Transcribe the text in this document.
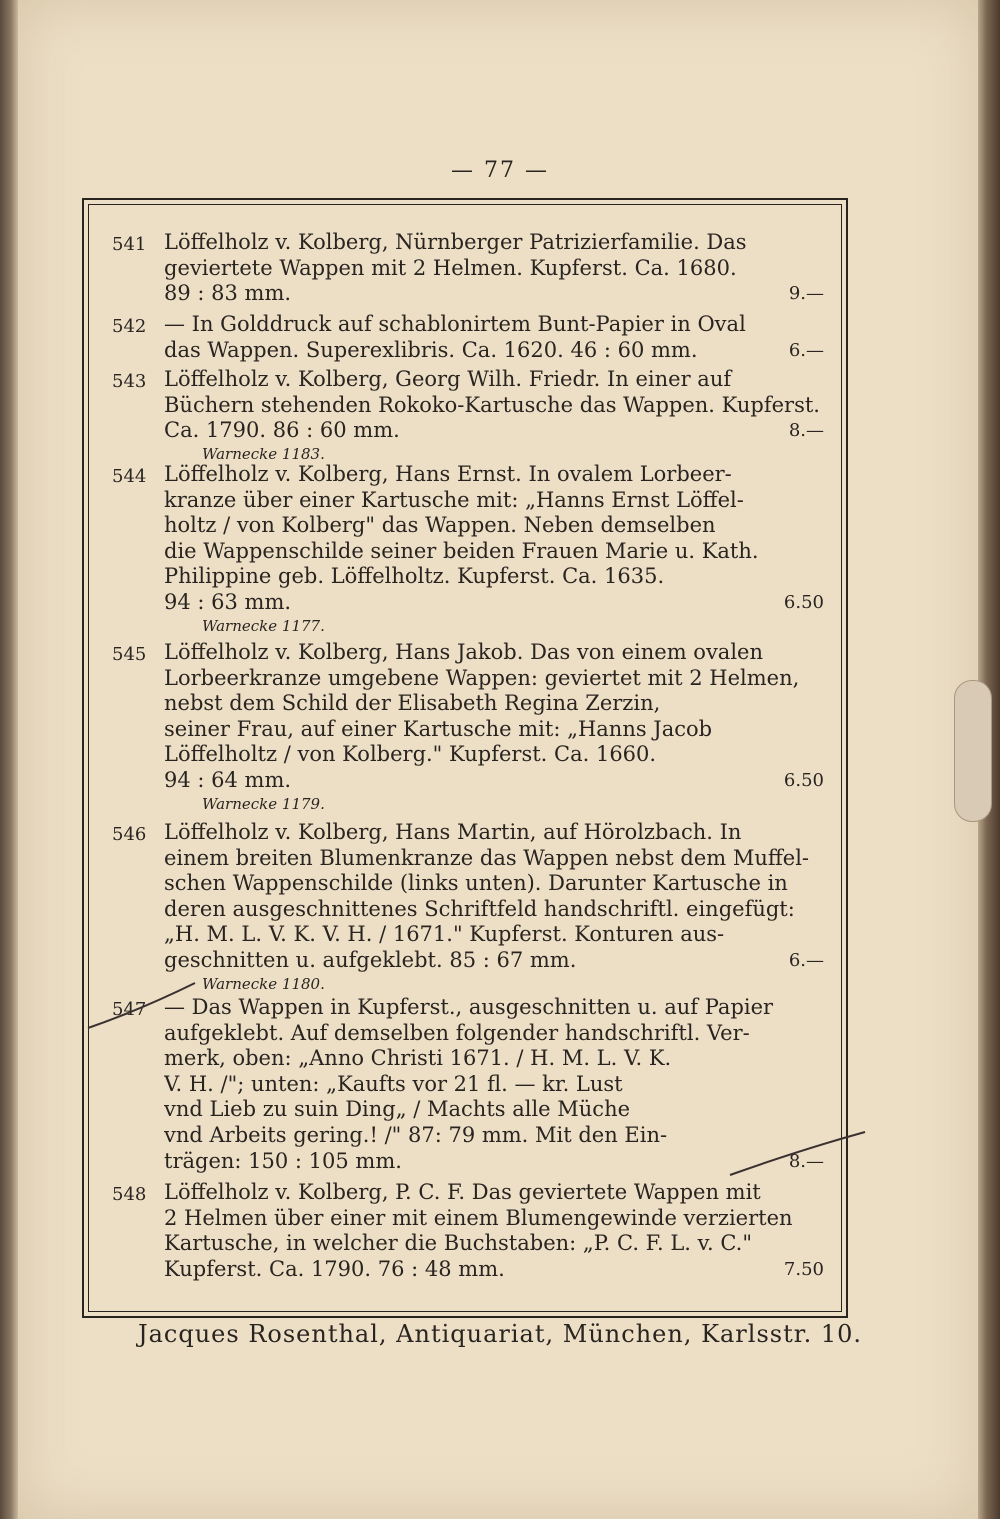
— 77 —
541 Löffelholz v. Kolberg, Nürnberger Patrizierfamilie. Das
geviertete Wappen mit 2 Helmen. Kupferst. Ca. 1680.
89 : 83 mm.	9.—
542 — In Golddruck auf schablonirtem Bunt-Papier in Oval
das Wappen. Superexlibris. Ca. 1620. 46 : 60 mm.	6.—
543 Löffelholz v. Kolberg, Georg Wilh. Friedr. In einer auf
Büchern stehenden Rokoko-Kartusche das Wappen. Kupferst.
Ca. 1790. 86 : 60 mm.	8.—
Warnecke 1183.
544 Löffelholz v. Kolberg, Hans Ernst. In ovalem Lorbeer-
kranze über einer Kartusche mit: „Hanns Ernst Löffel-
holtz / von Kolberg" das Wappen. Neben demselben
die Wappenschilde seiner beiden Frauen Marie u. Kath.
Philippine geb. Löffelholtz. Kupferst. Ca. 1635.
94 : 63 mm.	6.50
Warnecke 1177.
545 Löffelholz v. Kolberg, Hans Jakob. Das von einem ovalen
Lorbeerkranze umgebene Wappen: geviertet mit 2 Helmen,
nebst dem Schild der Elisabeth Regina Zerzin,
seiner Frau, auf einer Kartusche mit: „Hanns Jacob
Löffelholtz / von Kolberg." Kupferst. Ca. 1660.
94 : 64 mm.	6.50
Warnecke 1179.
546 Löffelholz v. Kolberg, Hans Martin, auf Hörolzbach. In
einem breiten Blumenkranze das Wappen nebst dem Muffel-
schen Wappenschilde (links unten). Darunter Kartusche in
deren ausgeschnittenes Schriftfeld handschriftl. eingefügt:
„H. M. L. V. K. V. H. / 1671." Kupferst. Konturen aus-
geschnitten u. aufgeklebt. 85 : 67 mm.	6.—
Warnecke 1180.
547 — Das Wappen in Kupferst., ausgeschnitten u. auf Papier
aufgeklebt. Auf demselben folgender handschriftl. Ver-
merk, oben: „Anno Christi 1671. / H. M. L. V. K.
V. H. /"; unten: „Kaufts vor 21 fl. — kr. Lust
vnd Lieb zu suin Ding„ / Machts alle Müche
vnd Arbeits gering.! /" 87: 79 mm. Mit den Ein-
trägen: 150 : 105 mm.	8.—
548 Löffelholz v. Kolberg, P. C. F. Das geviertete Wappen mit
2 Helmen über einer mit einem Blumengewinde verzierten
Kartusche, in welcher die Buchstaben: „P. C. F. L. v. C."
Kupferst. Ca. 1790. 76 : 48 mm.	7.50
Jacques Rosenthal, Antiquariat, München, Karlsstr. 10.
